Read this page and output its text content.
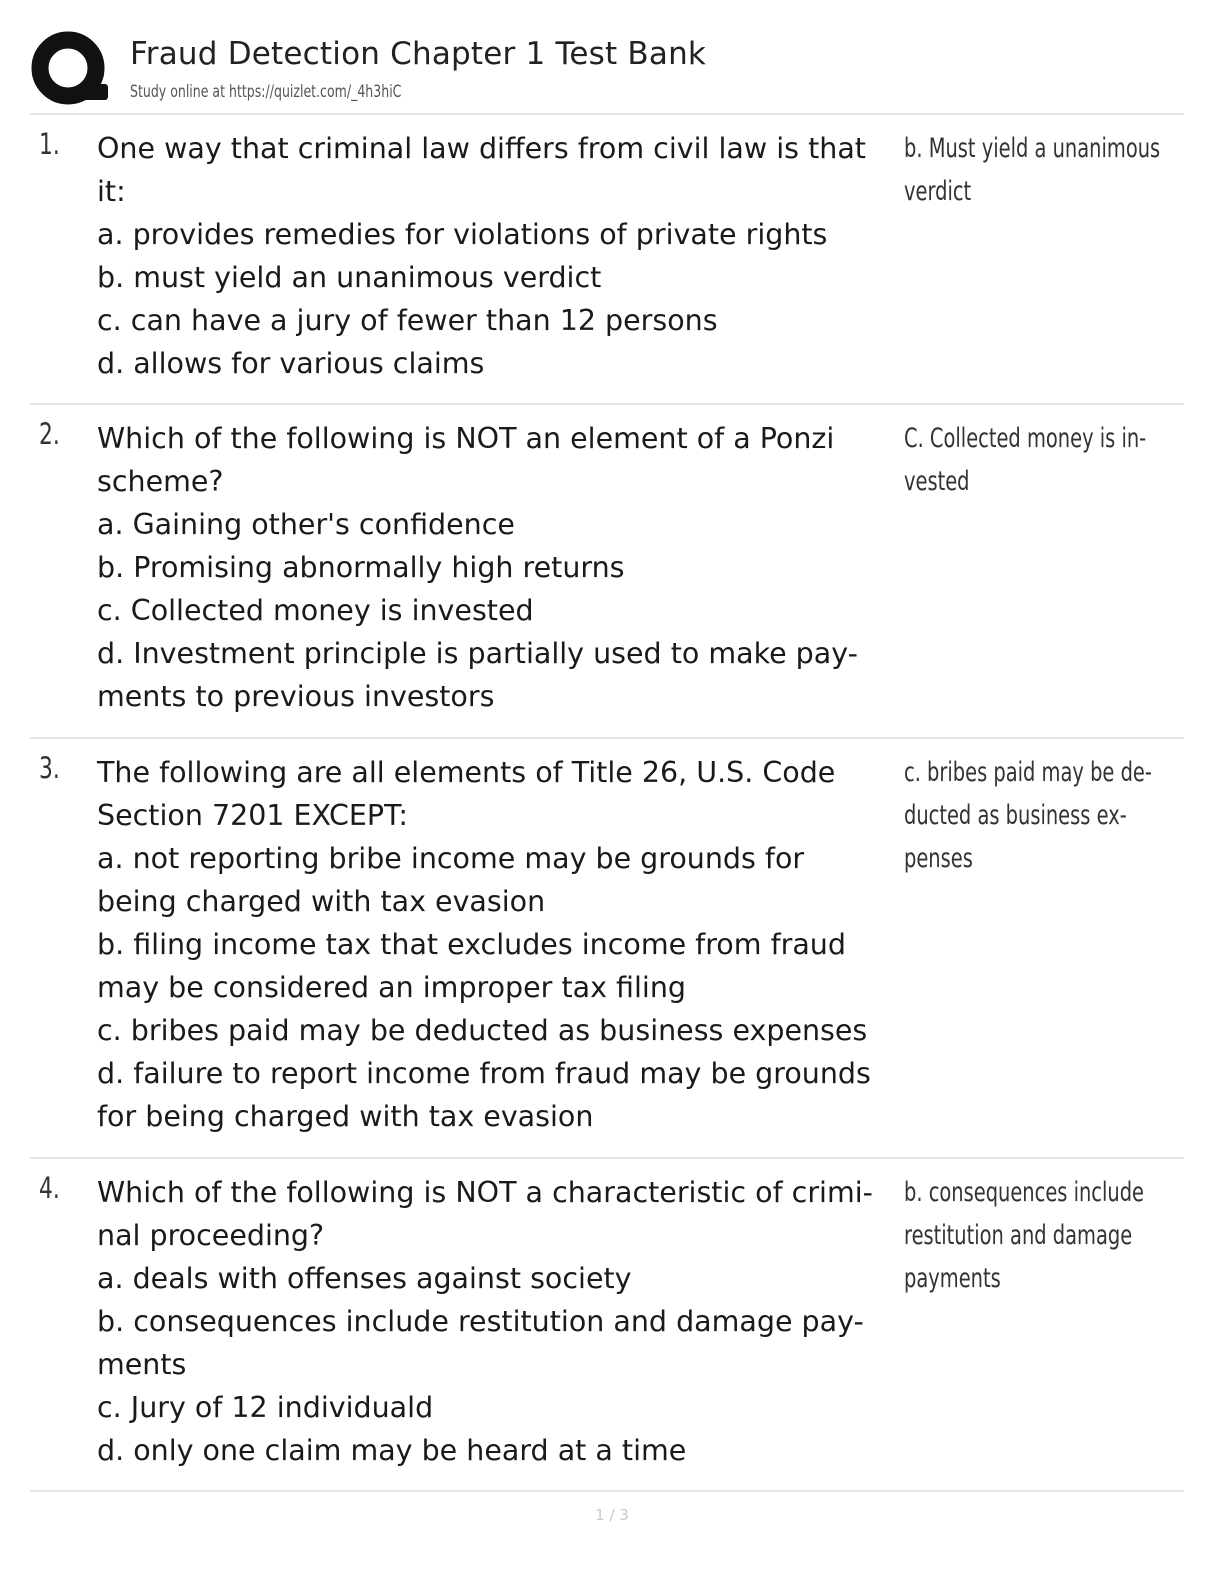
Fraud Detection Chapter 1 Test Bank
Study online at https://quizlet.com/_4h3hiC
1. One way that criminal law differs from civil law is that
it:
a. provides remedies for violations of private rights
b. must yield an unanimous verdict
c. can have a jury of fewer than 12 persons
d. allows for various claims
b. Must yield a unanimous
verdict
2. Which of the following is NOT an element of a Ponzi
scheme?
a. Gaining other's confidence
b. Promising abnormally high returns
c. Collected money is invested
d. Investment principle is partially used to make pay-
ments to previous investors
C. Collected money is in-
vested
3. The following are all elements of Title 26, U.S. Code
Section 7201 EXCEPT:
a. not reporting bribe income may be grounds for
being charged with tax evasion
b. filing income tax that excludes income from fraud
may be considered an improper tax filing
c. bribes paid may be deducted as business expenses
d. failure to report income from fraud may be grounds
for being charged with tax evasion
c. bribes paid may be de-
ducted as business ex-
penses
4. Which of the following is NOT a characteristic of crimi-
nal proceeding?
a. deals with offenses against society
b. consequences include restitution and damage pay-
ments
c. Jury of 12 individuald
d. only one claim may be heard at a time
b. consequences include
restitution and damage
payments
1 / 3
